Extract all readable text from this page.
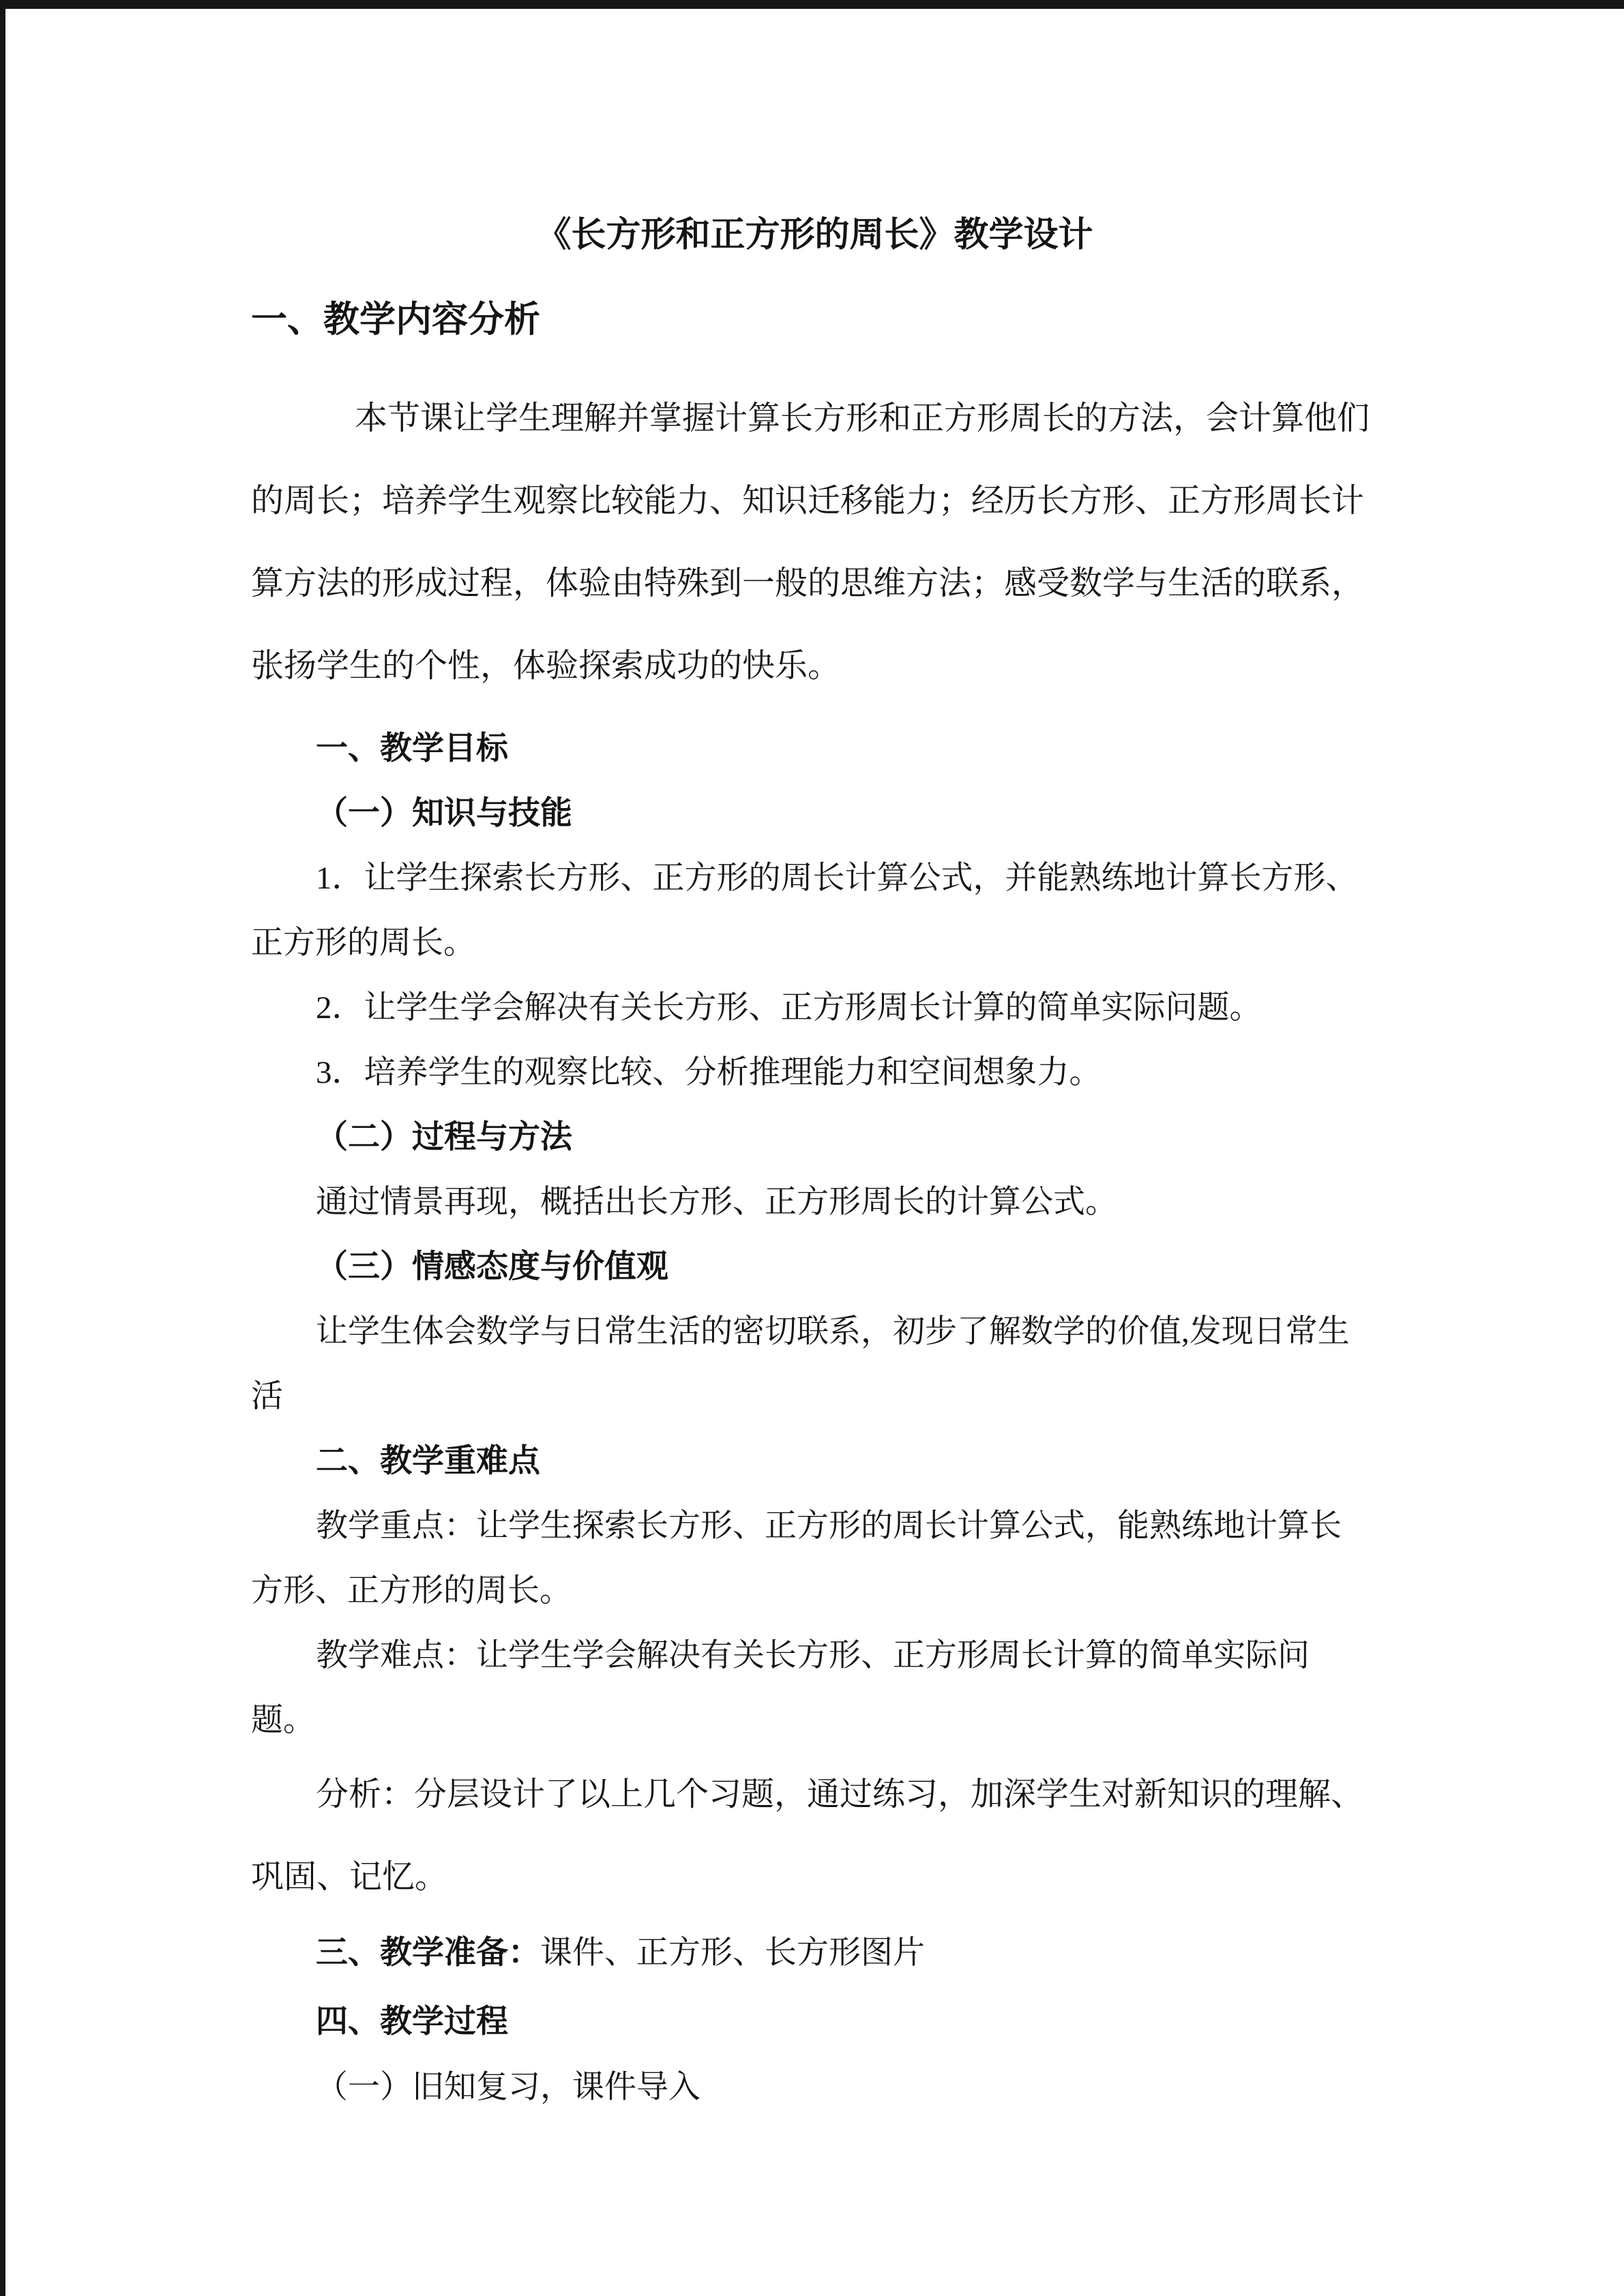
《长方形和正方形的周长》教学设计

一、教学内容分析

本节课让学生理解并掌握计算长方形和正方形周长的方法，会计算他们

的周长；培养学生观察比较能力、知识迁移能力；经历长方形、正方形周长计

算方法的形成过程，体验由特殊到一般的思维方法；感受数学与生活的联系，

张扬学生的个性，体验探索成功的快乐。

一、教学目标

（一）知识与技能

1．让学生探索长方形、正方形的周长计算公式，并能熟练地计算长方形、

正方形的周长。

2．让学生学会解决有关长方形、正方形周长计算的简单实际问题。

3．培养学生的观察比较、分析推理能力和空间想象力。

（二）过程与方法

通过情景再现，概括出长方形、正方形周长的计算公式。

（三）情感态度与价值观

让学生体会数学与日常生活的密切联系，初步了解数学的价值,发现日常生

活

二、教学重难点

教学重点：让学生探索长方形、正方形的周长计算公式，能熟练地计算长

方形、正方形的周长。

教学难点：让学生学会解决有关长方形、正方形周长计算的简单实际问

题。

分析：分层设计了以上几个习题，通过练习，加深学生对新知识的理解、

巩固、记忆。

三、教学准备：课件、正方形、长方形图片

四、教学过程

（一）旧知复习，课件导入
